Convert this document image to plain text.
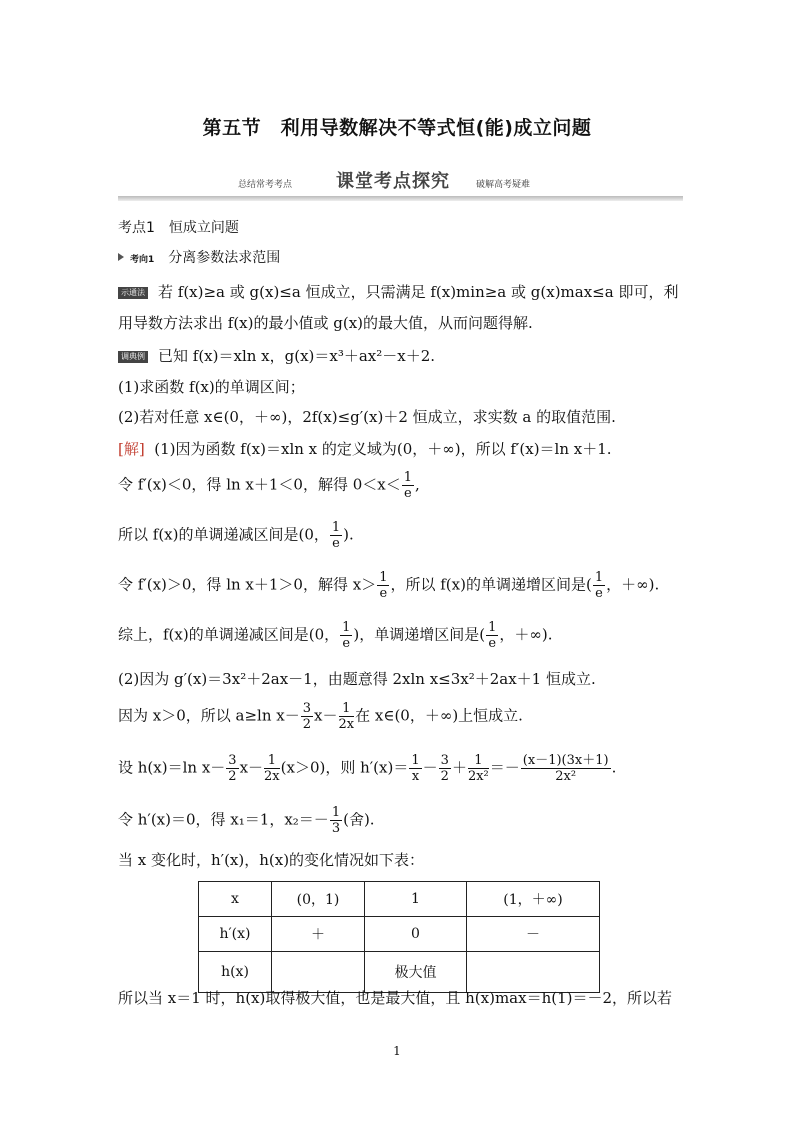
第五节　利用导数解决不等式恒(能)成立问题
总结常考考点 课堂考点探究	破解高考疑难
考点1　恒成立问题
考向1 分离参数法求范围
示通法 若 f(x)≥a 或 g(x)≤a 恒成立，只需满足 f(x)min≥a 或 g(x)max≤a 即可，利
用导数方法求出 f(x)的最小值或 g(x)的最大值，从而问题得解.
调典例 已知 f(x)＝xln x，g(x)＝x³＋ax²－x＋2.
(1)求函数 f(x)的单调区间；
(2)若对任意 x∈(0，＋∞)，2f(x)≤g′(x)＋2 恒成立，求实数 a 的取值范围.
[解] (1)因为函数 f(x)＝xln x 的定义域为(0，＋∞)，所以 f′(x)＝ln x＋1.
令 f′(x)＜0，得 ln x＋1＜0，解得 $0<x< \frac{1}{e}$ ,
所以 f(x)的单调递减区间是(0， $\frac{1}{e}$ ).
令 f′(x)＞0，得 ln x＋1＞0，解得 $x> \frac{1}{e}$ ，所以 f(x)的单调递增区间是( $\frac{1}{e}$ ，＋∞).
综上，f(x)的单调递减区间是(0， $\frac{1}{e}$ )，单调递增区间是( $\frac{1}{e}$ ，＋∞).
(2)因为 g′(x)＝3x²＋2ax－1，由题意得 2xln x≤3x²＋2ax＋1 恒成立.
因为 x＞0，所以 a≥ln $x- \frac{3}{2} x- \frac{1}{2x}$ 在 x∈(0，＋∞)上恒成立.
设 h(x)＝ln $x- \frac{3}{2} x- \frac{1}{2x} (x>0)$，则 $h'(x)= \frac{1}{x} - \frac{3}{2} + \frac{1}{\text{2x²}} =- \frac{(x-1)(3x+1)}{\text{2x²}}$ .
令 h′(x)＝0，得 x₁＝1，$x_2=- \frac{1}{3}$ (舍).
当 x 变化时，h′(x)，h(x)的变化情况如下表：
x	(0，1)	1	(1，＋∞)
h′(x)	＋	0	－
h(x)		极大值	
所以当 x＝1 时，h(x)取得极大值，也是最大值，且 h(x)max＝h(1)＝－2，所以若
1
